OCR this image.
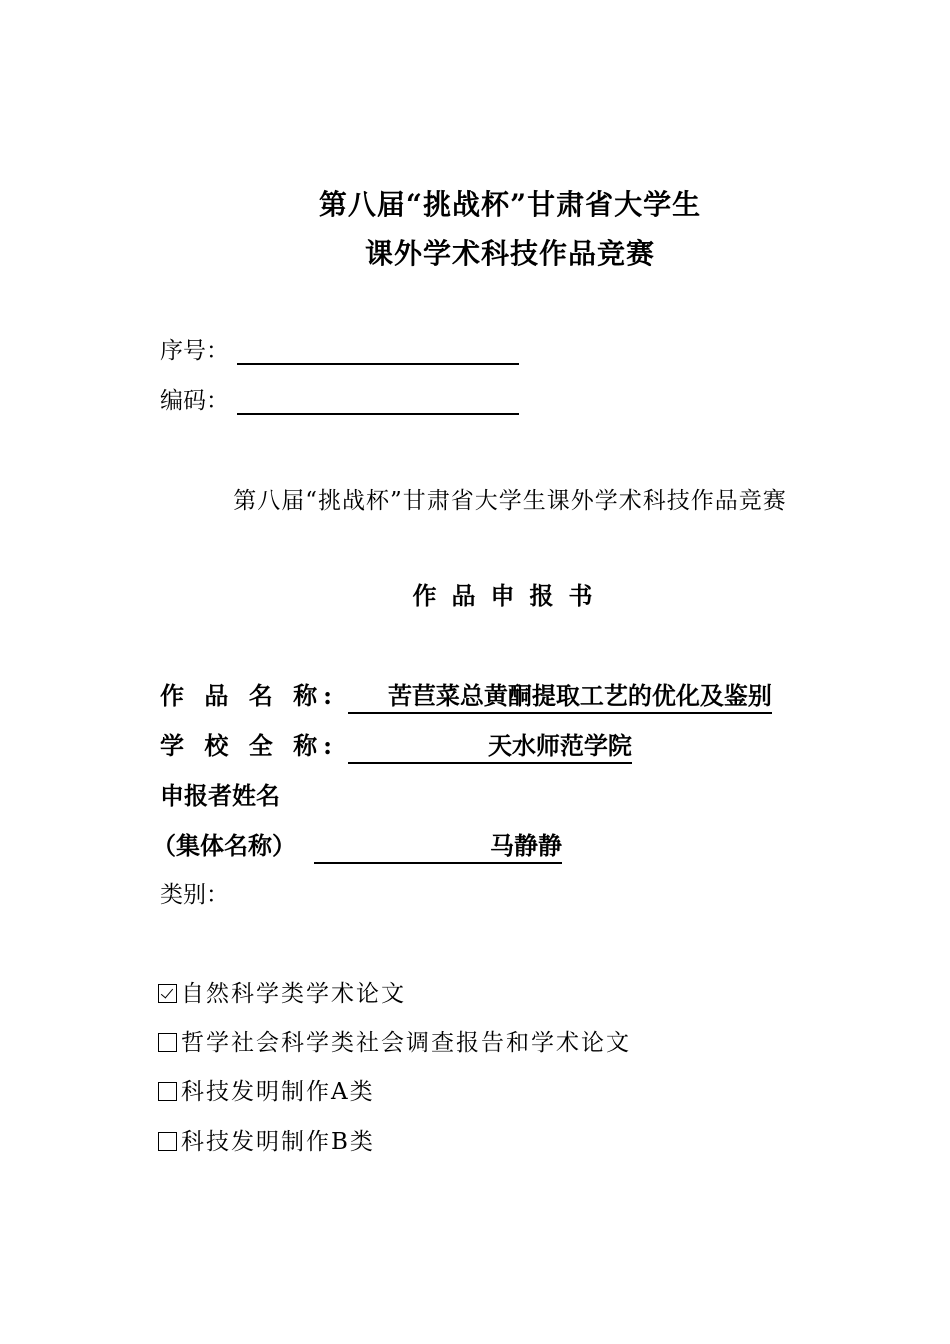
第八届“挑战杯”甘肃省大学生
课外学术科技作品竞赛
序号：
编码：
第八届“挑战杯”甘肃省大学生课外学术科技作品竞赛
作品申报书
作 品 名 称: 苦苣菜总黄酮提取工艺的优化及鉴别
学 校 全 称:	天水师范学院
申报者姓名
（集体名称）	马静静
类别：
自然科学类学术论文
哲学社会科学类社会调查报告和学术论文
科技发明制作A类
科技发明制作B类
